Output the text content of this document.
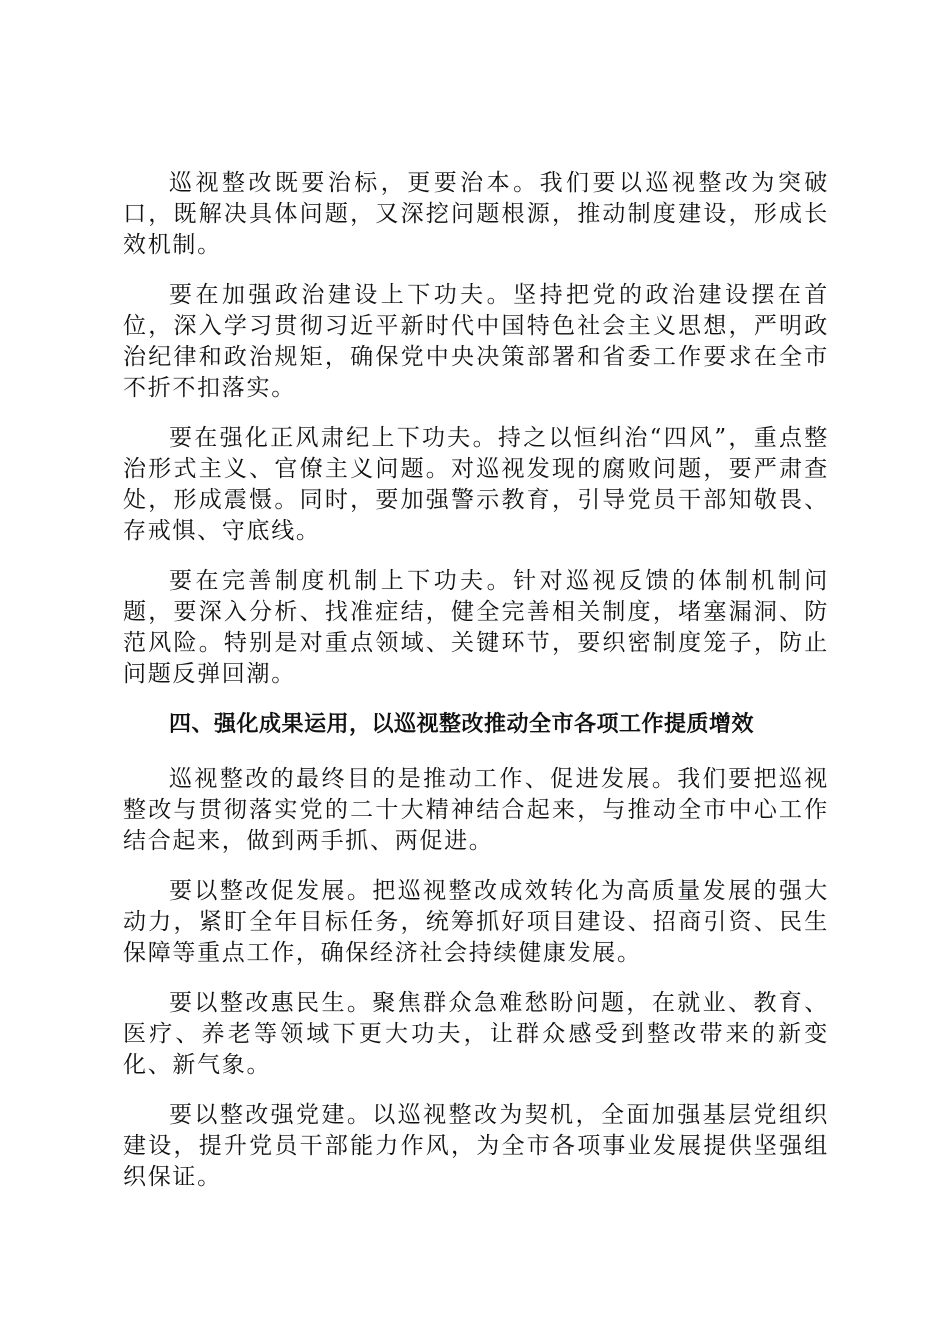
巡视整改既要治标，更要治本。我们要以巡视整改为突破口，既解决具体问题，又深挖问题根源，推动制度建设，形成长效机制。

要在加强政治建设上下功夫。坚持把党的政治建设摆在首位，深入学习贯彻习近平新时代中国特色社会主义思想，严明政治纪律和政治规矩，确保党中央决策部署和省委工作要求在全市不折不扣落实。

要在强化正风肃纪上下功夫。持之以恒纠治“四风”，重点整治形式主义、官僚主义问题。对巡视发现的腐败问题，要严肃查处，形成震慑。同时，要加强警示教育，引导党员干部知敬畏、存戒惧、守底线。

要在完善制度机制上下功夫。针对巡视反馈的体制机制问题，要深入分析、找准症结，健全完善相关制度，堵塞漏洞、防范风险。特别是对重点领域、关键环节，要织密制度笼子，防止问题反弹回潮。

四、强化成果运用，以巡视整改推动全市各项工作提质增效

巡视整改的最终目的是推动工作、促进发展。我们要把巡视整改与贯彻落实党的二十大精神结合起来，与推动全市中心工作结合起来，做到两手抓、两促进。

要以整改促发展。把巡视整改成效转化为高质量发展的强大动力，紧盯全年目标任务，统筹抓好项目建设、招商引资、民生保障等重点工作，确保经济社会持续健康发展。

要以整改惠民生。聚焦群众急难愁盼问题，在就业、教育、医疗、养老等领域下更大功夫，让群众感受到整改带来的新变化、新气象。

要以整改强党建。以巡视整改为契机，全面加强基层党组织建设，提升党员干部能力作风，为全市各项事业发展提供坚强组织保证。
